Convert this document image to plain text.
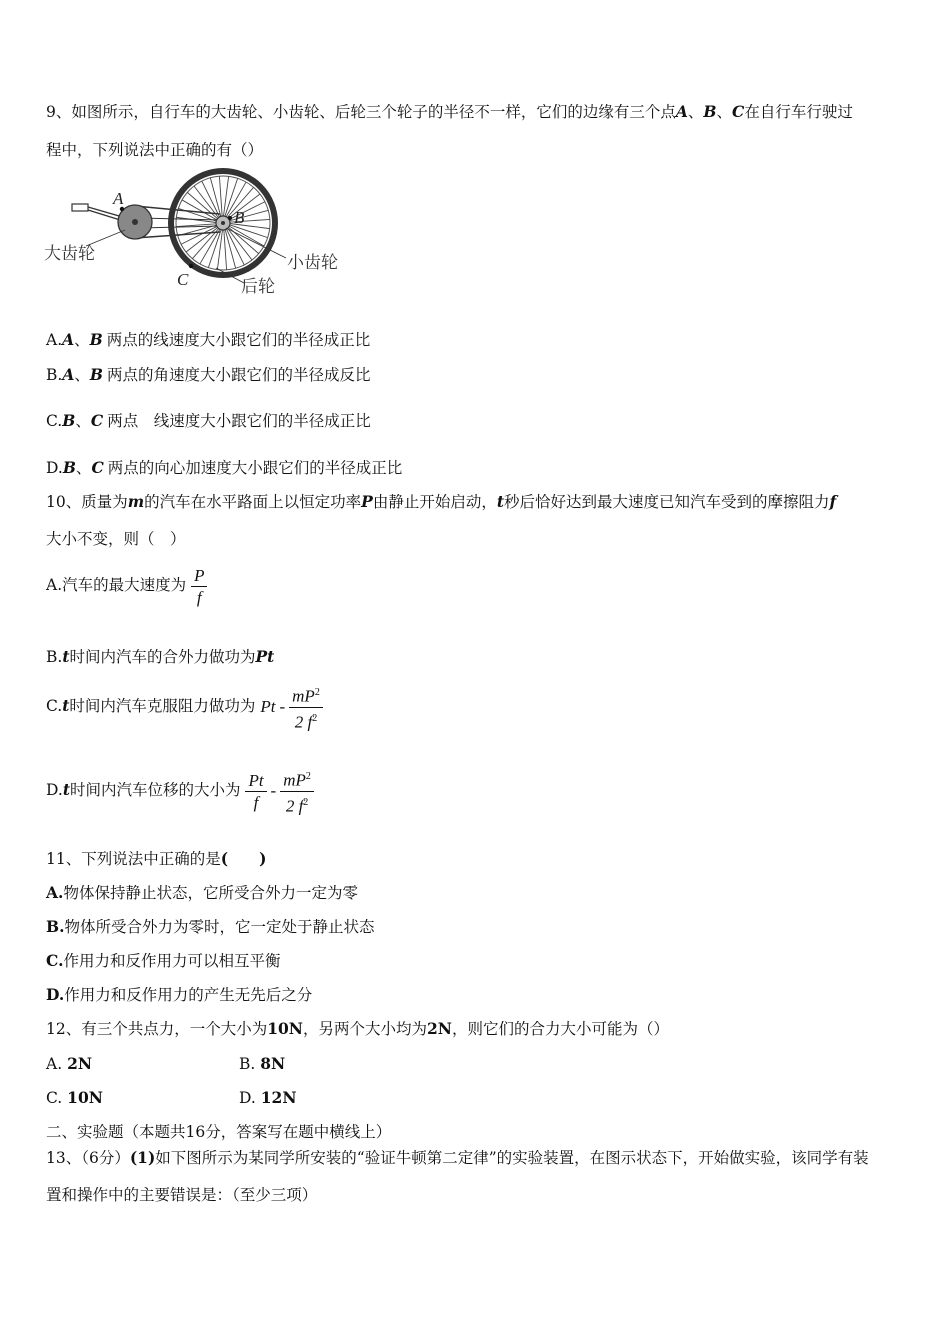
9、如图所示，自行车的大齿轮、小齿轮、后轮三个轮子的半径不一样，它们的边缘有三个点A、B、C在自行车行驶过
程中，下列说法中正确的有（）
A
B
C
大齿轮	小齿轮
后轮
A.A、B 两点的线速度大小跟它们的半径成正比
B.A、B 两点的角速度大小跟它们的半径成反比
C.B、C 两点　线速度大小跟它们的半径成正比
D.B、C 两点的向心加速度大小跟它们的半径成正比
10、质量为m的汽车在水平路面上以恒定功率P由静止开始启动，t秒后恰好达到最大速度已知汽车受到的摩擦阻力f
大小不变，则（　）
A.汽车的最大速度为 $\frac{P}{f}$
B.t时间内汽车的合外力做功为Pt
C.t时间内汽车克服阻力做功为 Pt - $\frac{mP^2}{2 f^2}$
D.t时间内汽车位移的大小为 $\frac{Pt}{f} - \frac{mP^2}{2 f^2}$
11、下列说法中正确的是(　　)
A.物体保持静止状态，它所受合外力一定为零
B.物体所受合外力为零时，它一定处于静止状态
C.作用力和反作用力可以相互平衡
D.作用力和反作用力的产生无先后之分
12、有三个共点力，一个大小为10N，另两个大小均为2N，则它们的合力大小可能为（）
A. 2N	B. 8N
C. 10N	D. 12N
二、实验题（本题共16分，答案写在题中横线上）
13、（6分）(1)如下图所示为某同学所安装的“验证牛顿第二定律”的实验装置，在图示状态下，开始做实验，该同学有装
置和操作中的主要错误是：（至少三项）
